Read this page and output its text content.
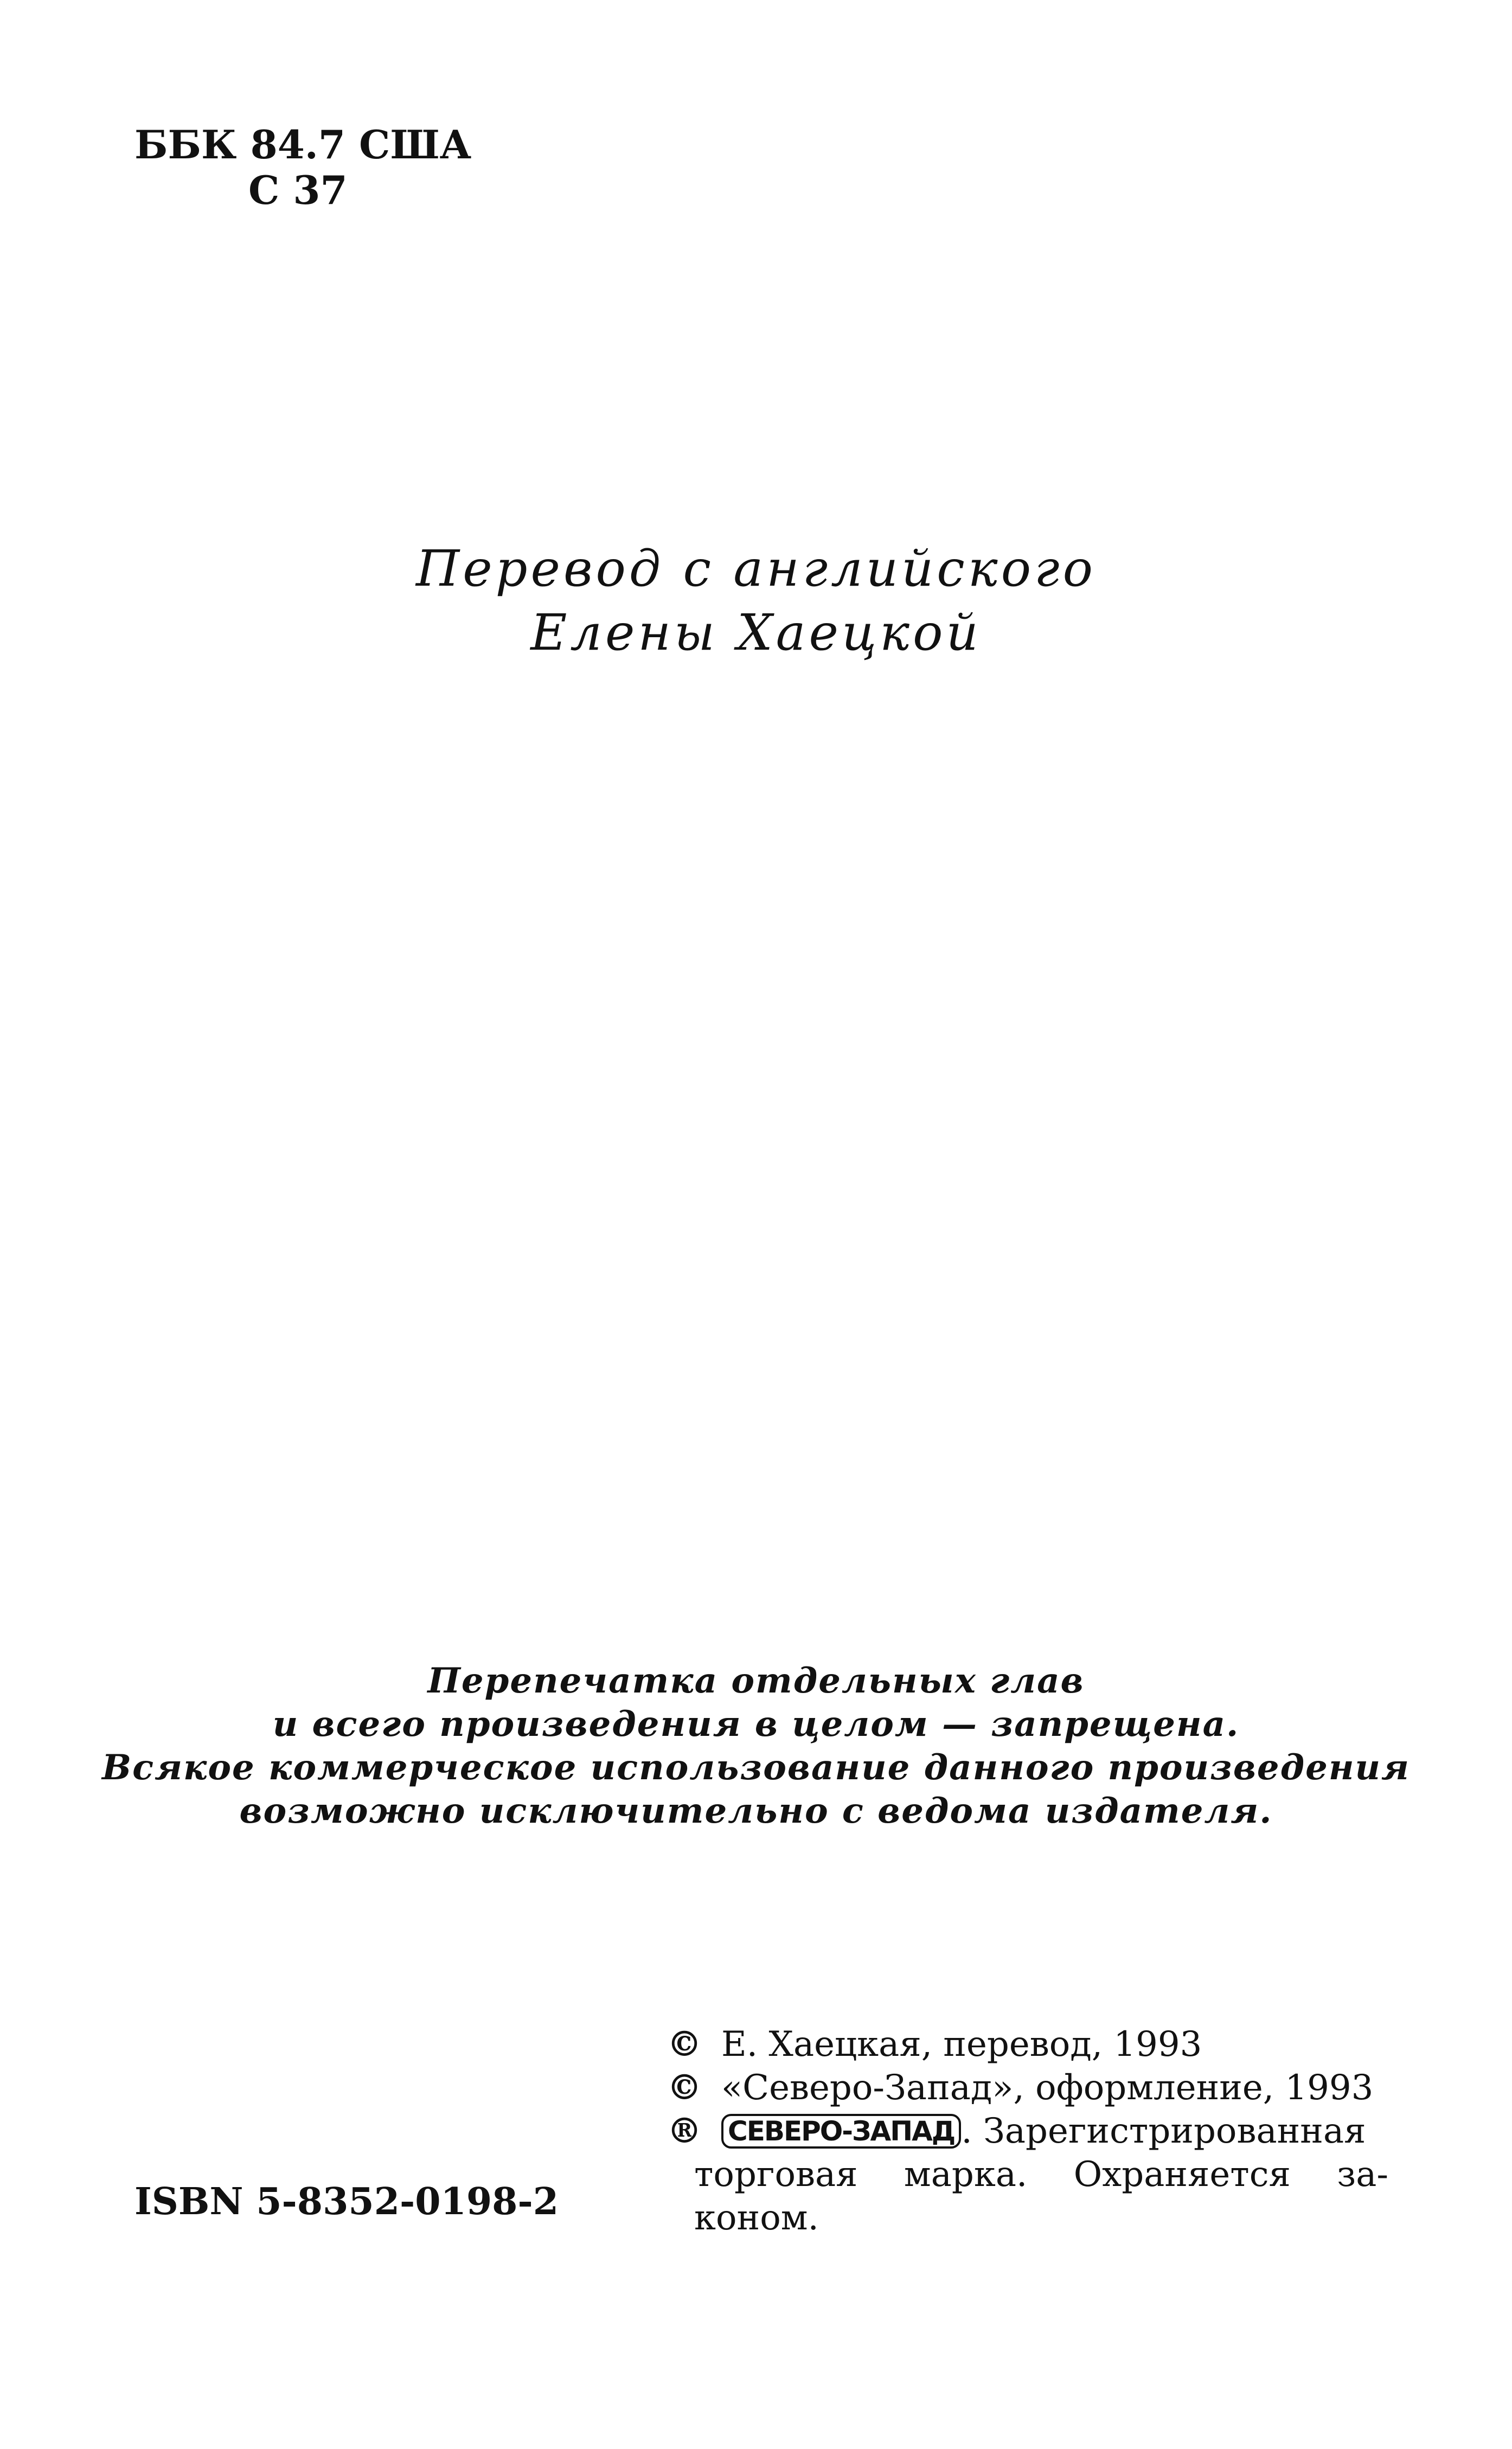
ББК 84.7 США
С 37
Перевод с английского
Елены Хаецкой
Перепечатка отдельных глав
и всего произведения в целом — запрещена.
Всякое коммерческое использование данного произведения
возможно исключительно с ведома издателя.
ISBN 5-8352-0198-2
© Е. Хаецкая, перевод, 1993
© «Северо-Запад», оформление, 1993
® СЕВЕРО-ЗАПАД . Зарегистрированная
торговая марка. Охраняется за-
коном.
